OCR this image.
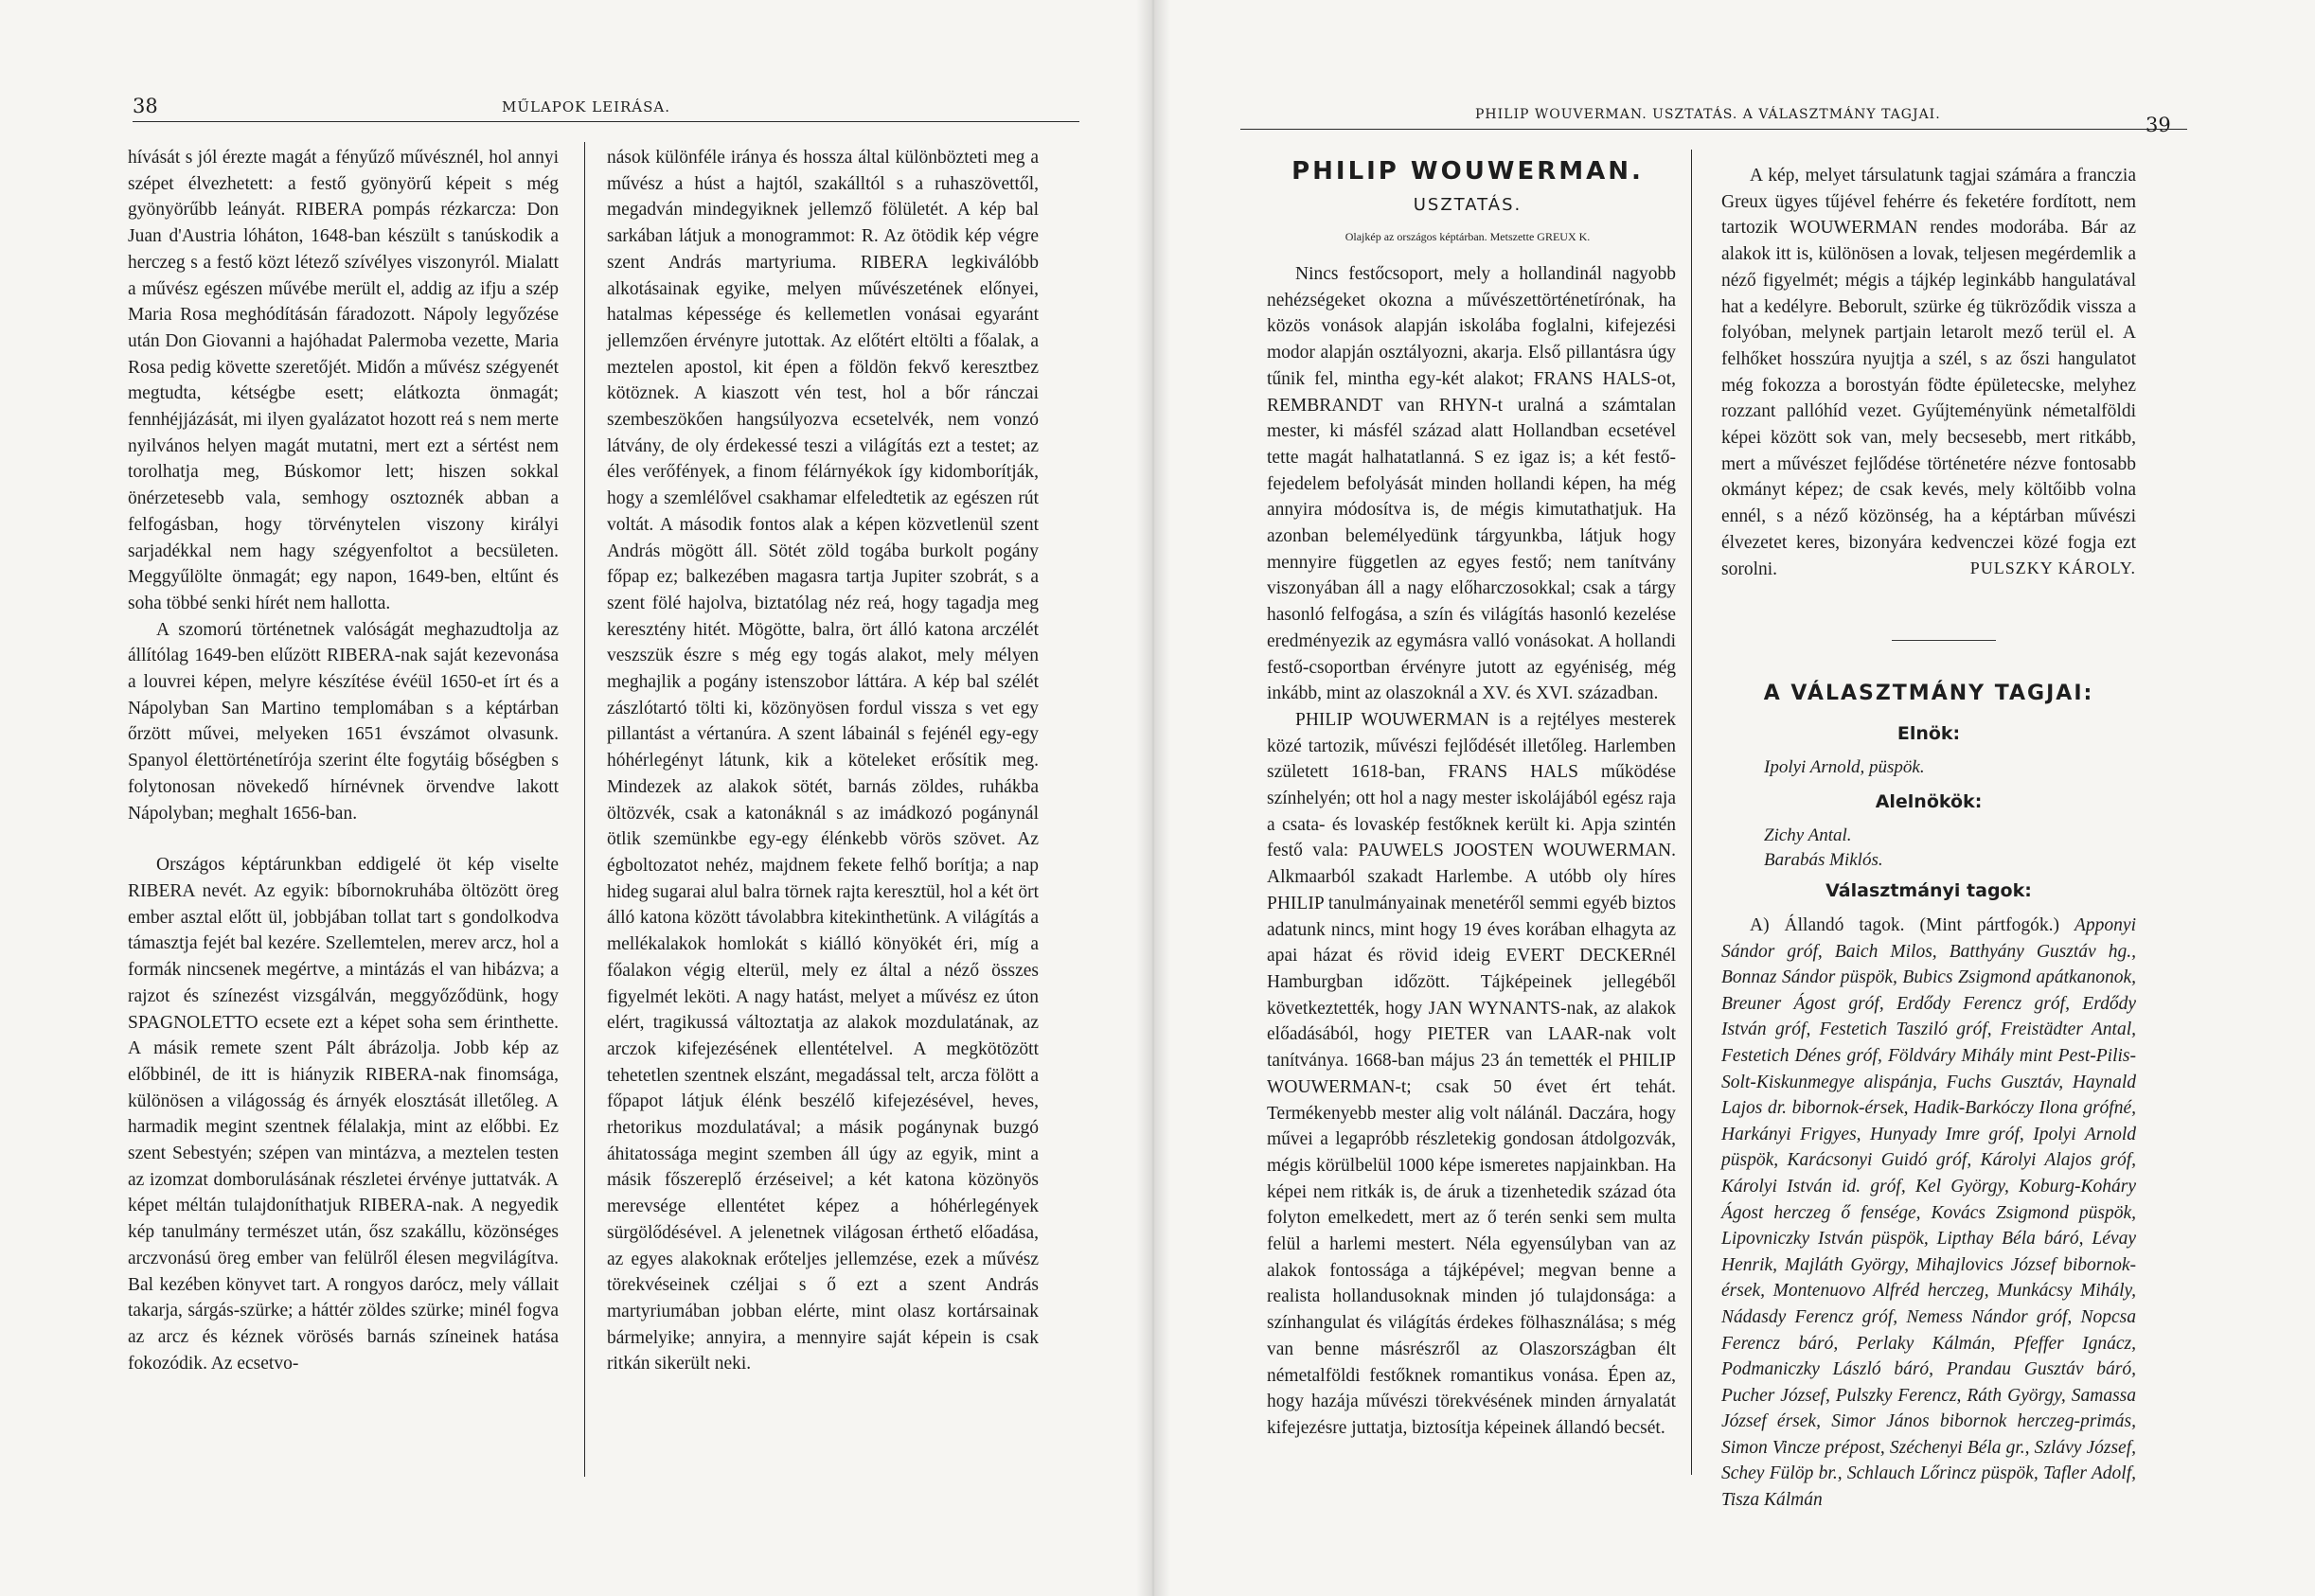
38	MŰLAPOK LEIRÁSA.

hívását s jól érezte magát a fényűző művésznél, hol annyi szépet élvezhetett: a festő gyönyörű képeit s még gyönyörűbb leányát. RIBERA pompás rézkarcza: Don Juan d'Austria lóháton, 1648-ban készült s tanúskodik a herczeg s a festő közt létező szívélyes viszonyról. Mialatt a művész egészen művébe merült el, addig az ifju a szép Maria Rosa meghódításán fáradozott. Nápoly legyőzése után Don Giovanni a hajóhadat Palermoba vezette, Maria Rosa pedig követte szeretőjét. Midőn a művész szégyenét megtudta, kétségbe esett; elátkozta önmagát; fennhéjjázását, mi ilyen gyalázatot hozott reá s nem merte nyilvános helyen magát mutatni, mert ezt a sértést nem torolhatja meg, Búskomor lett; hiszen sokkal önérzetesebb vala, semhogy osztoznék abban a felfogásban, hogy törvénytelen viszony királyi sarjadékkal nem hagy szégyenfoltot a becsületen. Meggyűlölte önmagát; egy napon, 1649-ben, eltűnt és soha többé senki hírét nem hallotta.

A szomorú történetnek valóságát meghazudtolja az állítólag 1649-ben elűzött RIBERA-nak saját kezevonása a louvrei képen, melyre készítése évéül 1650-et írt és a Nápolyban San Martino templomában s a képtárban őrzött művei, melyeken 1651 évszámot olvasunk. Spanyol élettörténetírója szerint élte fogytáig bőségben s folytonosan növekedő hírnévnek örvendve lakott Nápolyban; meghalt 1656-ban.

Országos képtárunkban eddigelé öt kép viselte RIBERA nevét. Az egyik: bíbornokruhába öltözött öreg ember asztal előtt ül, jobbjában tollat tart s gondolkodva támasztja fejét bal kezére. Szellemtelen, merev arcz, hol a formák nincsenek megértve, a mintázás el van hibázva; a rajzot és színezést vizsgálván, meggyőződünk, hogy SPAGNOLETTO ecsete ezt a képet soha sem érinthette. A másik remete szent Pált ábrázolja. Jobb kép az előbbinél, de itt is hiányzik RIBERA-nak finomsága, különösen a világosság és árnyék elosztását illetőleg. A harmadik megint szentnek félalakja, mint az előbbi. Ez szent Sebestyén; szépen van mintázva, a meztelen testen az izomzat domborulásának részletei érvénye juttatvák. A képet méltán tulajdoníthatjuk RIBERA-nak. A negyedik kép tanulmány természet után, ősz szakállu, közönséges arczvonású öreg ember van felülről élesen megvilágítva. Bal kezében könyvet tart. A rongyos darócz, mely vállait takarja, sárgás-szürke; a háttér zöldes szürke; minél fogva az arcz és kéznek vörösés barnás színeinek hatása fokozódik. Az ecsetvo-

nások különféle iránya és hossza által különbözteti meg a művész a húst a hajtól, szakálltól s a ruhaszövettől, megadván mindegyiknek jellemző fölületét. A kép bal sarkában látjuk a monogrammot: R. Az ötödik kép végre szent András martyriuma. RIBERA legkiválóbb alkotásainak egyike, melyen művészetének előnyei, hatalmas képessége és kellemetlen vonásai egyaránt jellemzően érvényre jutottak. Az előtért eltölti a főalak, a meztelen apostol, kit épen a földön fekvő keresztbez kötöznek. A kiaszott vén test, hol a bőr ránczai szembeszökően hangsúlyozva ecsetelvék, nem vonzó látvány, de oly érdekessé teszi a világítás ezt a testet; az éles verőfények, a finom félárnyékok így kidomborítják, hogy a szemlélővel csakhamar elfeledtetik az egészen rút voltát. A második fontos alak a képen közvetlenül szent András mögött áll. Sötét zöld togába burkolt pogány főpap ez; balkezében magasra tartja Jupiter szobrát, s a szent fölé hajolva, biztatólag néz reá, hogy tagadja meg keresztény hitét. Mögötte, balra, ört álló katona arczélét veszszük észre s még egy togás alakot, mely mélyen meghajlik a pogány istenszobor láttára. A kép bal szélét zászlótartó tölti ki, közönyösen fordul vissza s vet egy pillantást a vértanúra. A szent lábainál s fejénél egy-egy hóhérlegényt látunk, kik a köteleket erősítik meg. Mindezek az alakok sötét, barnás zöldes, ruhákba öltözvék, csak a katonáknál s az imádkozó pogánynál ötlik szemünkbe egy-egy élénkebb vörös szövet. Az égboltozatot nehéz, majdnem fekete felhő borítja; a nap hideg sugarai alul balra törnek rajta keresztül, hol a két ört álló katona között távolabbra kitekinthetünk. A világítás a mellékalakok homlokát s kiálló könyökét éri, míg a főalakon végig elterül, mely ez által a néző összes figyelmét leköti. A nagy hatást, melyet a művész ez úton elért, tragikussá változtatja az alakok mozdulatának, az arczok kifejezésének ellentételvel. A megkötözött tehetetlen szentnek elszánt, megadással telt, arcza fölött a főpapot látjuk élénk beszélő kifejezésével, heves, rhetorikus mozdulatával; a másik pogánynak buzgó áhitatossága megint szemben áll úgy az egyik, mint a másik főszereplő érzéseivel; a két katona közönyös merevsége ellentétet képez a hóhérlegények sürgölődésével. A jelenetnek világosan érthető előadása, az egyes alakoknak erőteljes jellemzése, ezek a művész törekvéseinek czéljai s ő ezt a szent András martyriumában jobban elérte, mint olasz kortársainak bármelyike; annyira, a mennyire saját képein is csak ritkán sikerült neki.

PHILIP WOUVERMAN. USZTATÁS. A VÁLASZTMÁNY TAGJAI.	39
PHILIP WOUWERMAN.
USZTATÁS.
Olajkép az országos képtárban. Metszette GREUX K.

Nincs festőcsoport, mely a hollandinál nagyobb nehézségeket okozna a művészettörténetírónak, ha közös vonások alapján iskolába foglalni, kifejezési modor alapján osztályozni, akarja. Első pillantásra úgy tűnik fel, mintha egy-két alakot; FRANS HALS-ot, REMBRANDT van RHYN-t uralná a számtalan mester, ki másfél század alatt Hollandban ecsetével tette magát halhatatlanná. S ez igaz is; a két festő-fejedelem befolyását minden hollandi képen, ha még annyira módosítva is, de mégis kimutathatjuk. Ha azonban belemélyedünk tárgyunkba, látjuk hogy mennyire független az egyes festő; nem tanítvány viszonyában áll a nagy előharczosokkal; csak a tárgy hasonló felfogása, a szín és világítás hasonló kezelése eredményezik az egymásra valló vonásokat. A hollandi festő-csoportban érvényre jutott az egyéniség, még inkább, mint az olaszoknál a XV. és XVI. században.

PHILIP WOUWERMAN is a rejtélyes mesterek közé tartozik, művészi fejlődését illetőleg. Harlemben született 1618-ban, FRANS HALS működése színhelyén; ott hol a nagy mester iskolájából egész raja a csata- és lovaskép festőknek került ki. Apja szintén festő vala: PAUWELS JOOSTEN WOUWERMAN. Alkmaarból szakadt Harlembe. A utóbb oly híres PHILIP tanulmányainak menetéről semmi egyéb biztos adatunk nincs, mint hogy 19 éves korában elhagyta az apai házat és rövid ideig EVERT DECKERnél Hamburgban időzött. Tájképeinek jellegéből következtették, hogy JAN WYNANTS-nak, az alakok előadásából, hogy PIETER van LAAR-nak volt tanítványa. 1668-ban május 23 án temették el PHILIP WOUWERMAN-t; csak 50 évet ért tehát. Termékenyebb mester alig volt nálánál. Daczára, hogy művei a legapróbb részletekig gondosan átdolgozvák, mégis körülbelül 1000 képe ismeretes napjainkban. Ha képei nem ritkák is, de áruk a tizenhetedik század óta folyton emelkedett, mert az ő terén senki sem multa felül a harlemi mestert. Néla egyensúlyban van az alakok fontossága a tájképével; megvan benne a realista hollandusoknak minden jó tulajdonsága: a színhangulat és világítás érdekes fölhasználása; s még van benne másrészről az Olaszországban élt németalföldi festőknek romantikus vonása. Épen az, hogy hazája művészi törekvésének minden árnyalatát kifejezésre juttatja, biztosítja képeinek állandó becsét.

A kép, melyet társulatunk tagjai számára a franczia Greux ügyes tűjével fehérre és feketére fordított, nem tartozik WOUWERMAN rendes modorába. Bár az alakok itt is, különösen a lovak, teljesen megérdemlik a néző figyelmét; mégis a tájkép leginkább hangulatával hat a kedélyre. Beborult, szürke ég tükröződik vissza a folyóban, melynek partjain letarolt mező terül el. A felhőket hosszúra nyujtja a szél, s az őszi hangulatot még fokozza a borostyán födte épületecske, melyhez rozzant pallóhíd vezet. Gyűjteményünk németalföldi képei között sok van, mely becsesebb, mert ritkább, mert a művészet fejlődése történetére nézve fontosabb okmányt képez; de csak kevés, mely költőibb volna ennél, s a néző közönség, ha a képtárban művészi élvezetet keres, bizonyára kedvenczei közé fogja ezt sorolni.	PULSZKY KÁROLY.
A VÁLASZTMÁNY TAGJAI:
Elnök:
Ipolyi Arnold, püspök.
Alelnökök:
Zichy Antal.
Barabás Miklós.
Választmányi tagok:
A) Állandó tagok. (Mint pártfogók.) Apponyi Sándor gróf, Baich Milos, Batthyány Gusztáv hg., Bonnaz Sándor püspök, Bubics Zsigmond apátkanonok, Breuner Ágost gróf, Erdődy Ferencz gróf, Erdődy István gróf, Festetich Tasziló gróf, Freistädter Antal, Festetich Dénes gróf, Földváry Mihály mint Pest-Pilis-Solt-Kiskunmegye alispánja, Fuchs Gusztáv, Haynald Lajos dr. bibornok-érsek, Hadik-Barkóczy Ilona grófné, Harkányi Frigyes, Hunyady Imre gróf, Ipolyi Arnold püspök, Karácsonyi Guidó gróf, Károlyi Alajos gróf, Károlyi István id. gróf, Kel György, Koburg-Koháry Ágost herczeg ő fensége, Kovács Zsigmond püspök, Lipovniczky István püspök, Lipthay Béla báró, Lévay Henrik, Majláth György, Mihajlovics József bibornok-érsek, Montenuovo Alfréd herczeg, Munkácsy Mihály, Nádasdy Ferencz gróf, Nemess Nándor gróf, Nopcsa Ferencz báró, Perlaky Kálmán, Pfeffer Ignácz, Podmaniczky László báró, Prandau Gusztáv báró, Pucher József, Pulszky Ferencz, Ráth György, Samassa József érsek, Simor János bibornok herczeg-primás, Simon Vincze prépost, Széchenyi Béla gr., Szlávy József, Schey Fülöp br., Schlauch Lőrincz püspök, Tafler Adolf, Tisza Kálmán
